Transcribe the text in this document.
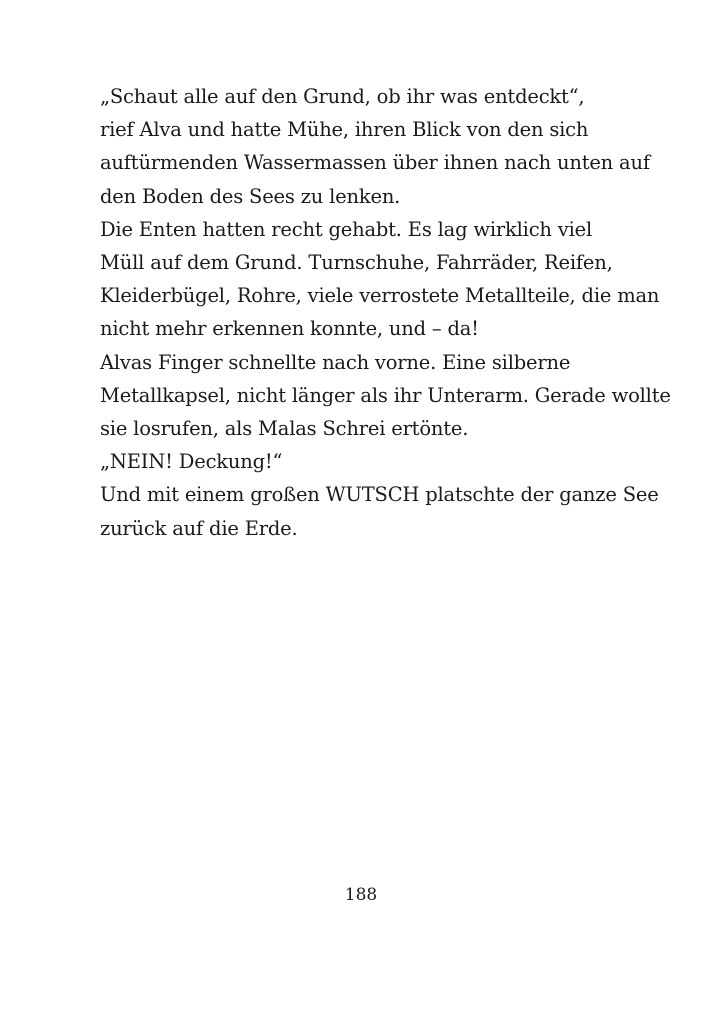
„Schaut alle auf den Grund, ob ihr was entdeckt“,
rief Alva und hatte Mühe, ihren Blick von den sich
auftürmenden Wassermassen über ihnen nach unten auf
den Boden des Sees zu lenken.
Die Enten hatten recht gehabt. Es lag wirklich viel
Müll auf dem Grund. Turnschuhe, Fahrräder, Reifen,
Kleiderbügel, Rohre, viele verrostete Metallteile, die man
nicht mehr erkennen konnte, und – da!
Alvas Finger schnellte nach vorne. Eine silberne
Metallkapsel, nicht länger als ihr Unterarm. Gerade wollte
sie losrufen, als Malas Schrei ertönte.
„NEIN! Deckung!“
Und mit einem großen WUTSCH platschte der ganze See
zurück auf die Erde.
188
